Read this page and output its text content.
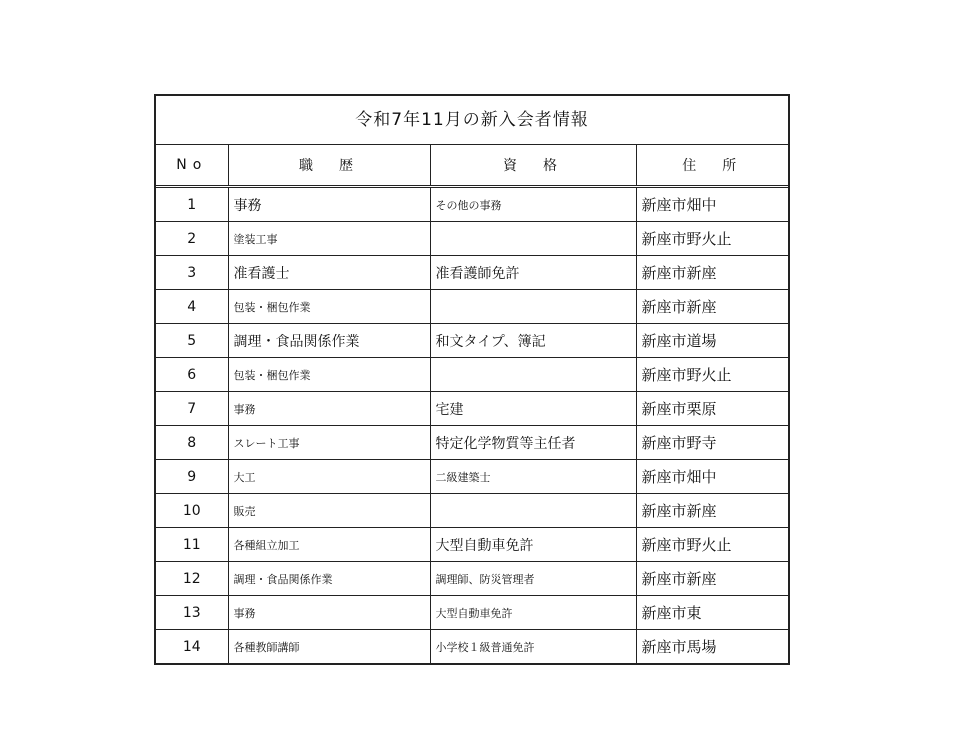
令和7年11月の新入会者情報
No	職　歴	資　格	住　所
1	事務	その他の事務	新座市畑中
2	塗装工事		新座市野火止
3	准看護士	准看護師免許	新座市新座
4	包装・梱包作業		新座市新座
5	調理・食品関係作業	和文タイプ、簿記	新座市道場
6	包装・梱包作業		新座市野火止
7	事務	宅建	新座市栗原
8	スレート工事	特定化学物質等主任者	新座市野寺
9	大工	二級建築士	新座市畑中
10	販売		新座市新座
11	各種組立加工	大型自動車免許	新座市野火止
12	調理・食品関係作業	調理師、防災管理者	新座市新座
13	事務	大型自動車免許	新座市東
14	各種教師講師	小学校１級普通免許	新座市馬場
